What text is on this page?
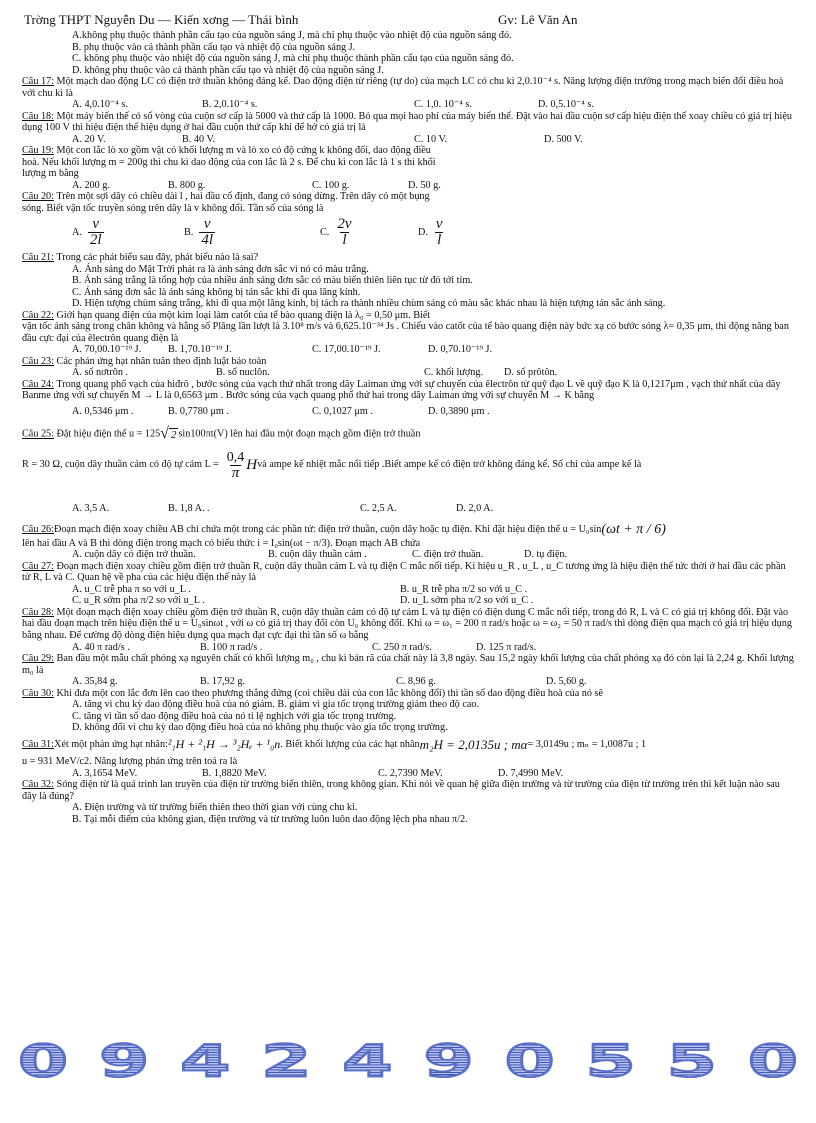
Trờng THPT Nguyễn Du — Kiến xơng — Thái bình	Gv: Lê Văn An
A.không phụ thuộc thành phần cấu tạo của nguồn sáng J, mà chỉ phụ thuộc vào nhiệt độ của nguồn sáng đó.
B. phụ thuộc vào cả thành phần cấu tạo và nhiệt độ của nguồn sáng J.
C. không phụ thuộc vào nhiệt độ của nguồn sáng J, mà chỉ phụ thuộc thành phần cấu tạo của nguồn sáng đó.
D. không phụ thuộc vào cả thành phần cấu tạo và nhiệt độ của nguồn sáng J.
Câu 17: Một mạch dao động LC có điện trở thuần không đáng kể. Dao động điện từ riêng (tự do) của mạch LC có chu kì 2,0.10⁻⁴ s. Năng lượng điện trường trong mạch biến đổi điều hoà với chu kì là
A. 4,0.10⁻⁴ s.	B. 2,0.10⁻⁴ s.	C. 1,0. 10⁻⁴ s.	D. 0,5.10⁻⁴ s.
Câu 18: Một máy biến thế có số vòng của cuộn sơ cấp là 5000 và thứ cấp là 1000. Bỏ qua mọi hao phí của máy biến thế. Đặt vào hai đầu cuộn sơ cấp hiệu điện thế xoay chiều có giá trị hiệu dụng 100 V thì hiệu điện thế hiệu dụng ở hai đầu cuộn thứ cấp khi để hở có giá trị là
A. 20 V.	B. 40 V.	C. 10 V.	D. 500 V.
Câu 19: Một con lắc lò xo gồm vật có khối lượng m và lò xo có độ cứng k không đổi, dao động điều
hoà. Nếu khối lượng m = 200g thì chu kì dao động của con lắc là 2 s. Để chu kì con lắc là 1 s thì khối
lượng m bằng
A. 200 g.	B. 800 g.	C. 100 g.	D. 50 g.
Câu 20: Trên một sợi dây có chiều dài l , hai đầu cố định, đang có sóng dừng. Trên dây có một bụng
sóng. Biết vận tốc truyền sóng trên dây là v không đổi. Tần số của sóng là
A. $\frac{v}{2l}$	B. $\frac{v}{4l}$	C. $\frac{2v}{l}$	D. $\frac{v}{l}$
Câu 21: Trong các phát biểu sau đây, phát biểu nào là sai?
A. Ánh sáng do Mặt Trời phát ra là ánh sáng đơn sắc vì nó có màu trắng.
B. Ánh sáng trắng là tổng hợp của nhiều ánh sáng đơn sắc có màu biến thiên liên tục từ đỏ tới tím.
C. Ánh sáng đơn sắc là ánh sáng không bị tán sắc khi đi qua lăng kính.
D. Hiện tượng chùm sáng trắng, khi đi qua một lăng kính, bị tách ra thành nhiều chùm sáng có màu sắc khác nhau là hiện tượng tán sắc ánh sáng.
Câu 22: Giới hạn quang điện của một kim loại làm catốt của tế bào quang điện là λ₀ = 0,50 μm. Biết
vận tốc ánh sáng trong chân không và hằng số Plăng lần lượt là 3.10⁸ m/s và 6,625.10⁻³⁴ Js . Chiếu vào catốt của tế bào quang điện này bức xạ có bước sóng λ= 0,35 μm, thì động năng ban đầu cực đại của êlectrôn quang điện là
A. 70,00.10⁻¹⁹ J.	B. 1,70.10⁻¹⁹ J.	C. 17,00.10⁻¹⁹ J.	D. 0,70.10⁻¹⁹ J.
Câu 23: Các phản ứng hạt nhân tuân theo định luật bảo toàn
A. số nơtrôn .	B. số nuclôn.	C. khối lượng.	D. số prôtôn.
Câu 24: Trong quang phổ vạch của hiđrô , bước sóng của vạch thứ nhất trong dãy Laiman ứng với sự chuyển của êlectrôn từ quỹ đạo L về quỹ đạo K là 0,1217μm , vạch thứ nhất của dãy Banme ứng với sự chuyển M → L là 0,6563 μm . Bước sóng của vạch quang phổ thứ hai trong dãy Laiman ứng với sự chuyển M → K bằng
A. 0,5346 μm .	B. 0,7780 μm .	C. 0,1027 μm .	D. 0,3890 μm .
Câu 25: Đặt hiệu điện thế u = 125√ 2 sin100πt(V) lên hai đầu một đoạn mạch gồm điện trở thuần
R = 30 Ω, cuộn dây thuần cảm có độ tự cảm $L = \frac{0,4}{\pi}$ H và ampe kế nhiệt mắc nối tiếp .Biết ampe kế có điện trở không đáng kể. Số chỉ của ampe kế là
A. 3,5 A.	B. 1,8 A. .	C. 2,5 A.	D. 2,0 A.
Câu 26: Đoạn mạch điện xoay chiều AB chỉ chứa một trong các phần tử: điện trở thuần, cuộn dây hoặc tụ điện. Khi đặt hiệu điện thế u = U₀sin (ωt + π / 6)
lên hai đầu A và B thì dòng điện trong mạch có biểu thức i = I₀sin(ωt − π/3). Đoạn mạch AB chứa
A. cuộn dây có điện trở thuần.	B. cuộn dây thuần cảm .	C. điện trở thuần.	D. tụ điện.
Câu 27: Đoạn mạch điện xoay chiều gồm điện trở thuần R, cuộn dây thuần cảm L và tụ điện C mắc nối tiếp. Kí hiệu u_R , u_L , u_C tương ứng là hiệu điện thế tức thời ở hai đầu các phần tử R, L và C. Quan hệ về pha của các hiệu điện thế này là
A. u_C trễ pha π so với u_L .	B. u_R trễ pha π/2 so với u_C .
C. u_R sớm pha π/2 so với u_L .	D. u_L sớm pha π/2 so với u_C .
Câu 28: Một đoạn mạch điện xoay chiều gồm điện trở thuần R, cuộn dây thuần cảm có độ tự cảm L và tụ điện có điện dung C mắc nối tiếp, trong đó R, L và C có giá trị không đổi. Đặt vào hai đầu đoạn mạch trên hiệu điện thế u = U₀sinωt , với ω có giá trị thay đổi còn U₀ không đổi. Khi ω = ω₁ = 200 π rad/s hoặc ω = ω₂ = 50 π rad/s thì dòng điện qua mạch có giá trị hiệu dụng bằng nhau. Để cường độ dòng điện hiệu dụng qua mạch đạt cực đại thì tần số ω bằng
A. 40 π rad/s .	B. 100 π rad/s .	C. 250 π rad/s.	D. 125 π rad/s.
Câu 29: Ban đầu một mẫu chất phóng xạ nguyên chất có khối lượng m₀ , chu kì bán rã của chất này là 3,8 ngày. Sau 15,2 ngày khối lượng của chất phóng xạ đó còn lại là 2,24 g. Khối lượng m₀ là
A. 35,84 g.	B. 17,92 g.	C. 8,96 g.	D. 5,60 g.
Câu 30: Khi đưa một con lắc đơn lên cao theo phương thẳng đứng (coi chiều dài của con lắc không đổi) thì tần số dao động điều hoà của nó sẽ
A. tăng vì chu kỳ dao động điều hoà của nó giảm. B. giảm vì gia tốc trọng trường giảm theo độ cao.
C. tăng vì tần số dao động điều hoà của nó tỉ lệ nghịch với gia tốc trọng trường.
D. không đổi vì chu kỳ dao động điều hoà của nó không phụ thuộc vào gia tốc trọng trường.
Câu 31: Xét một phản ứng hạt nhân: ²₁H + ²₁H → ³₂Hₑ + ¹₀n . Biết khối lượng của các hạt nhân m₂H = 2,0135u ; mα = 3,0149u ; mₙ = 1,0087u ; 1
u = 931 MeV/c2. Năng lượng phản ứng trên toả ra là
A. 3,1654 MeV.	B. 1,8820 MeV.	C. 2,7390 MeV.	D. 7,4990 MeV.
Câu 32: Sóng điện từ là quá trình lan truyền của điện từ trường biến thiên, trong không gian. Khi nói về quan hệ giữa điện trường và từ trường của điện từ trường trên thì kết luận nào sau đây là đúng?
A. Điện trường và từ trường biến thiên theo thời gian với cùng chu kì.
B. Tại mỗi điểm của không gian, điện trường và từ trường luôn luôn dao động lệch pha nhau π/2.
0 9 4 2 4 9 0 5 5 0
